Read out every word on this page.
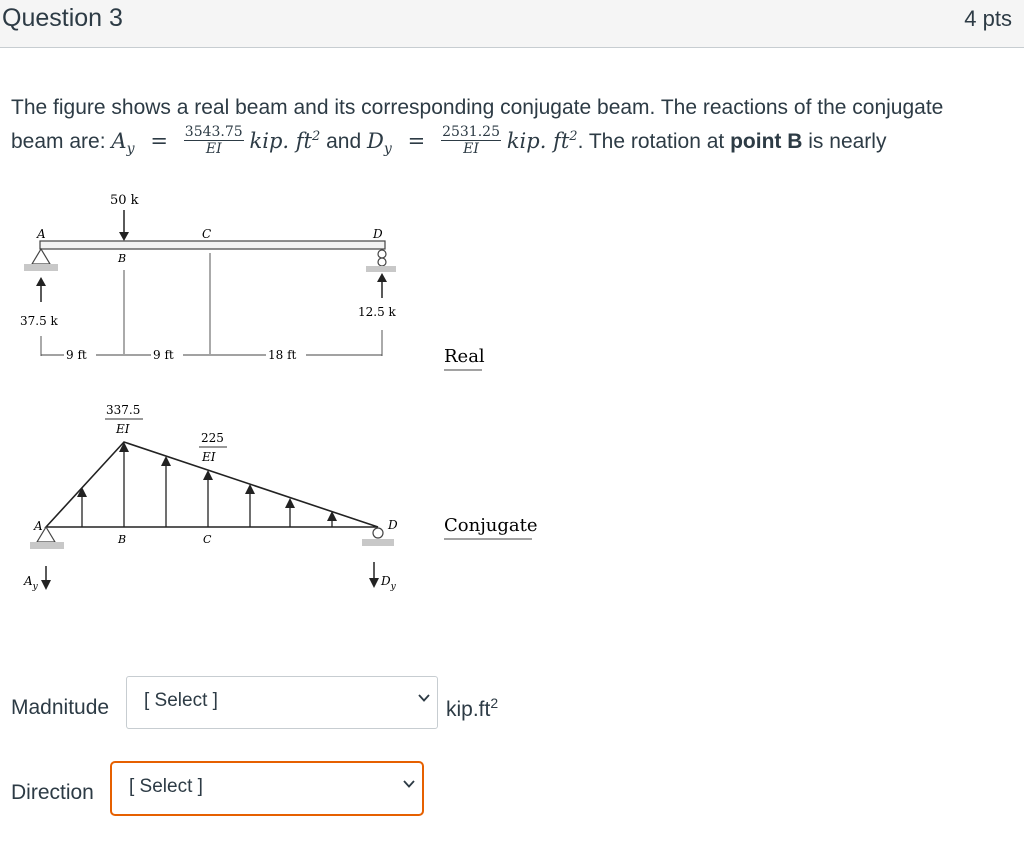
Question 3	4 pts
The figure shows a real beam and its corresponding conjugate beam. The reactions of the conjugate
beam are: $A_y = \frac{3543.75}{EI}$ kip. $ft^2$ and $D_y = \frac{2531.25}{EI}$ kip. $ft^2$. The rotation at point B is nearly
50 k
A	C	D
B
37.5 k
12.5 k
9 ft	9 ft	18 ft	Real
337.5
EI
225
EI
A	D
B	C
$A_y$	$D_y$
Conjugate
Madnitude [ Select ]	$kip.ft^2$
Direction [ Select ]
